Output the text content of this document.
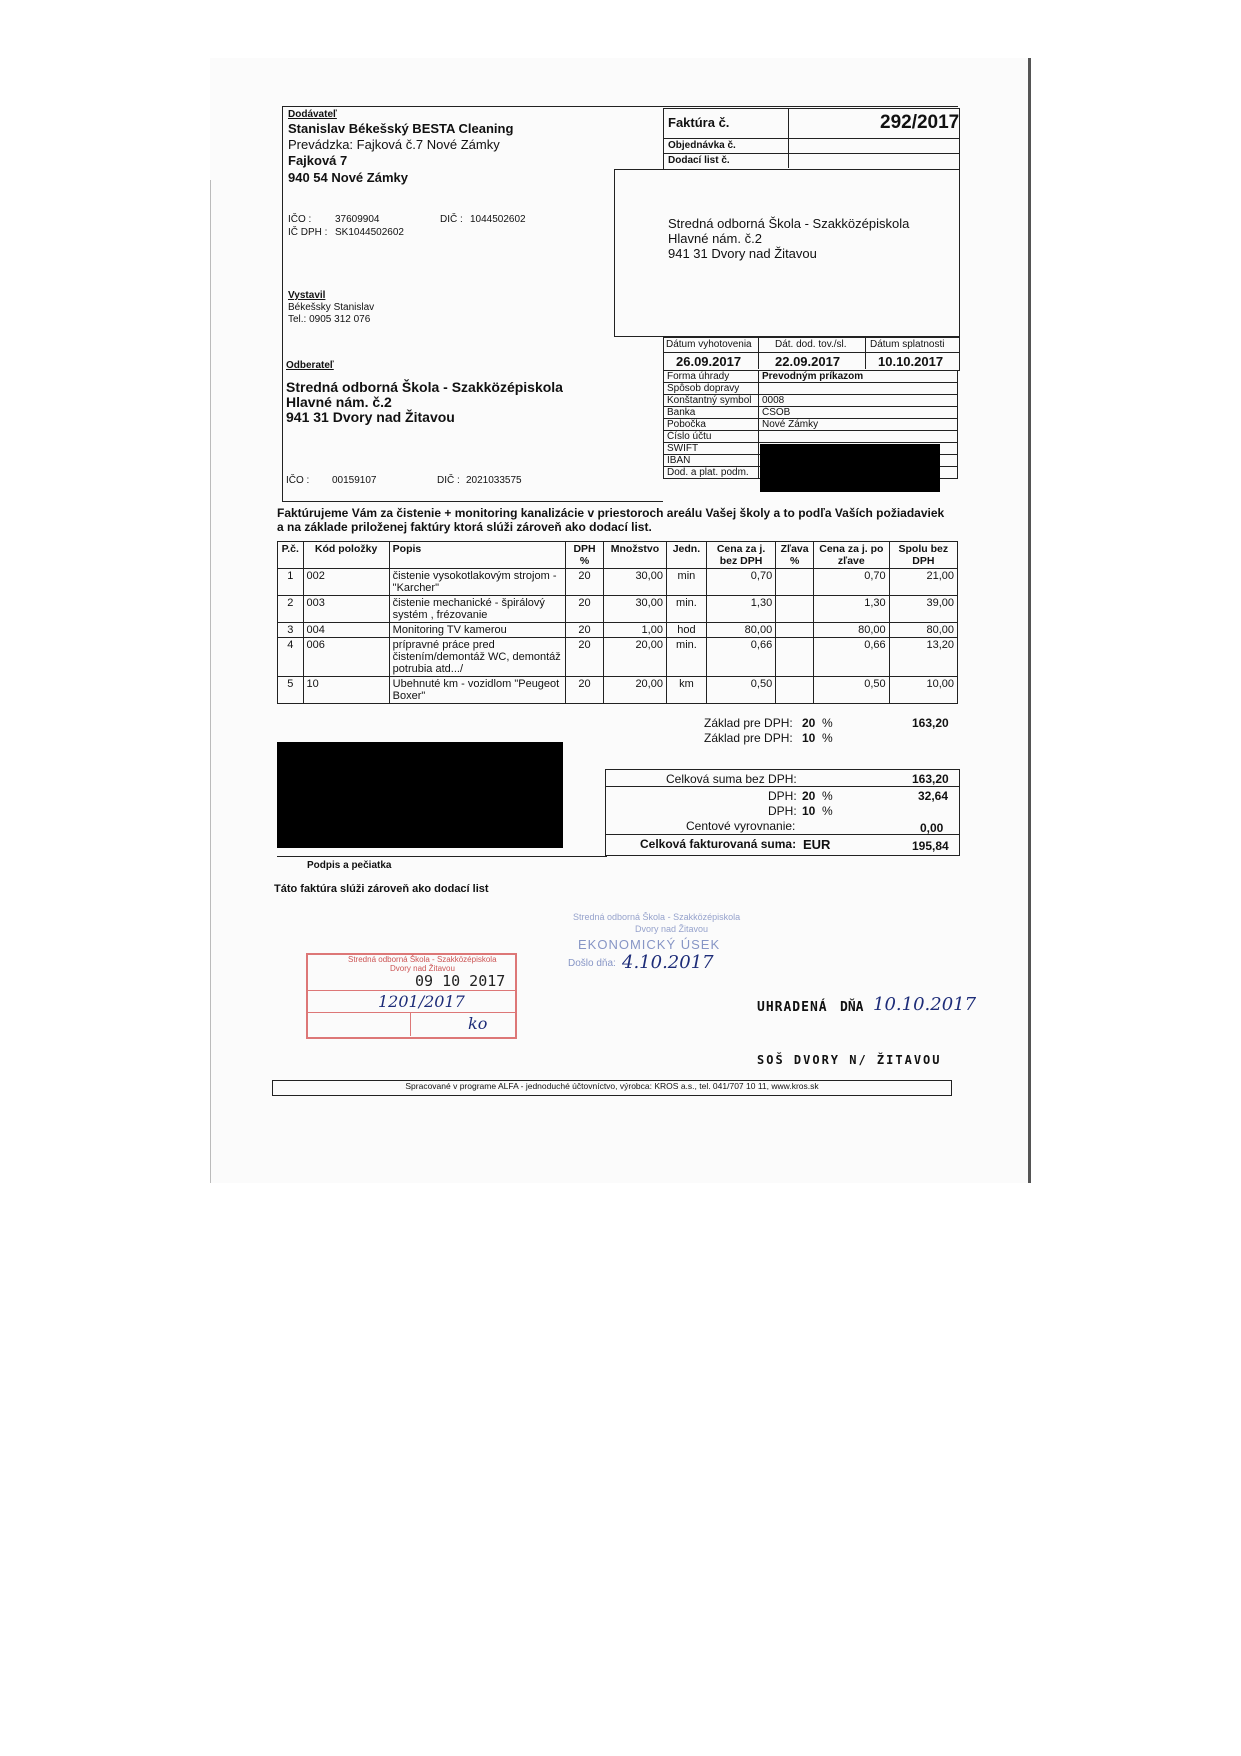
Dodávateľ
Stanislav Békešský BESTA Cleaning
Prevádzka: Fajková č.7 Nové Zámky
Fajková 7
940 54 Nové Zámky
IČO : 37609904	DIČ : 1044502602
IČ DPH : SK1044502602
Vystavil
Békešsky Stanislav
Tel.: 0905 312 076
Faktúra č.	292/2017
Objednávka č.
Dodací list č.
Stredná odborná Škola - Szakközépiskola
Hlavné nám. č.2
941 31 Dvory nad Žitavou
Odberateľ
Stredná odborná Škola - Szakközépiskola
Hlavné nám. č.2
941 31 Dvory nad Žitavou
IČO : 00159107	DIČ : 2021033575
Dátum vyhotovenia Dát. dod. tov./sl. Dátum splatnosti
26.09.2017	22.09.2017	10.10.2017
Forma úhrady	Prevodným príkazom
Spôsob dopravy	
Konštantný symbol	0008
Banka	ČSOB
Pobočka	Nové Zámky
Číslo účtu	
SWIFT	
IBAN	
Dod. a plat. podm.	
Faktúrujeme Vám za čistenie + monitoring kanalizácie v priestoroch areálu Vašej školy a to podľa Vaších požiadaviek
a na základe priloženej faktúry ktorá slúži zároveň ako dodací list.
P.č.	Kód položky	Popis	DPH %	Množstvo	Jedn.	Cena za j. bez DPH	Zľava %	Cena za j. po zľave	Spolu bez DPH
1	002	čistenie vysokotlakovým strojom - "Karcher"	20	30,00	min	0,70		0,70	21,00
2	003	čistenie mechanické - špirálový systém , frézovanie	20	30,00	min.	1,30		1,30	39,00
3	004	Monitoring TV kamerou	20	1,00	hod	80,00		80,00	80,00
4	006	prípravné práce pred čistením/demontáž WC, demontáž potrubia atd.../	20	20,00	min.	0,66		0,66	13,20
5	10	Ubehnuté km - vozidlom "Peugeot Boxer"	20	20,00	km	0,50		0,50	10,00
Základ pre DPH: 20 %	163,20
Základ pre DPH: 10 %
Podpis a pečiatka
Táto faktúra slúži zároveň ako dodací list
Celková suma bez DPH:	163,20
DPH: 20 %	32,64
DPH: 10 %
Centové vyrovnanie:	0,00
Celková fakturovaná suma: EUR	195,84
Stredná odborná Škola - Szakközépiskola
Dvory nad Žitavou
EKONOMICKÝ ÚSEK
Došlo dňa: 4.10.2017
Stredná odborná Škola - Szakközépiskola
Dvory nad Žitavou
09 10 2017
1201/2017
ko
UHRADENÁ DŇA 10.10.2017
SOŠ DVORY N/ ŽITAVOU
Spracované v programe ALFA - jednoduché účtovníctvo, výrobca: KROS a.s., tel. 041/707 10 11, www.kros.sk
